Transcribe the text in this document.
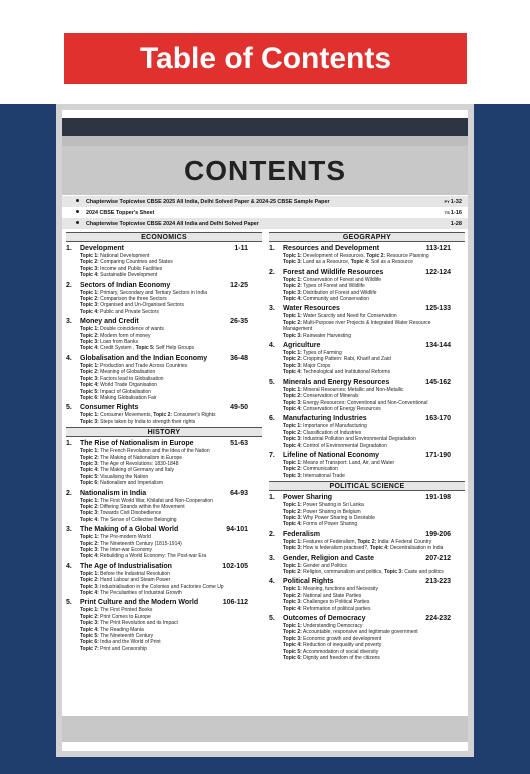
Table of Contents
CONTENTS
Chapterwise Topicwise CBSE 2025 All India, Delhi Solved Paper & 2024-25 CBSE Sample Paper	PY1-32
2024 CBSE Topper's Sheet	TS1-16
Chapterwise Topicwise CBSE 2024 All India and Delhi Solved Paper	1-28
ECONOMICS
1.	Development	1-11
Topic 1: National Development
Topic 2: Comparing Countries and States
Topic 3: Income and Public Facilities
Topic 4: Sustainable Development
2.	Sectors of Indian Economy	12-25
Topic 1: Primary, Secondary and Tertiary Sectors in India
Topic 2: Comparison the three Sectors
Topic 3: Organised and Un-Organised Sectors
Topic 4: Public and Private Sectors
3.	Money and Credit	26-35
Topic 1: Double coincidence of wants
Topic 2: Modern form of money
Topic 3: Loan from Banks
Topic 4: Credit System , Topic 5: Self Help Groups
4.	Globalisation and the Indian Economy	36-48
Topic 1: Production and Trade Across Countries
Topic 2: Meaning of Globalisation
Topic 3: Factors lead to Globalisation
Topic 4: World Trade Organisation
Topic 5: Impact of Globalisation
Topic 6: Making Globalisation Fair
5.	Consumer Rights	49-50
Topic 1: Consumer Movements, Topic 2: Consumer's Rights
Topic 3: Steps taken by India to strength their rights
HISTORY
1.	The Rise of Nationalism in Europe	51-63
Topic 1: The French Revolution and the Idea of the Nation
Topic 2: The Making of Nationalism in Europe
Topic 3: The Age of Revolutions: 1830-1848
Topic 4: The Making of Germany and Italy
Topic 5: Visualising the Nation
Topic 6: Nationalism and Imperialism
2.	Nationalism in India	64-93
Topic 1: The First World War, Khilafat and Non-Cooperation
Topic 2: Differing Strands within the Movement
Topic 3: Towards Civil Disobedience
Topic 4: The Sense of Collective Belonging
3.	The Making of a Global World	94-101
Topic 1: The Pre-modern World
Topic 2: The Nineteenth Century (1815-1914)
Topic 3: The Inter-war Economy
Topic 4: Rebuilding a World Economy: The Post-war Era
4.	The Age of Industrialisation	102-105
Topic 1: Before the Industrial Revolution
Topic 2: Hand Labour and Steam Power
Topic 3: Industrialisation in the Colonies and Factories Come Up
Topic 4: The Peculiarities of Industrial Growth
5.	Print Culture and the Modern World	106-112
Topic 1: The First Printed Books
Topic 2: Print Comes to Europe
Topic 3: The Print Revolution and its Impact
Topic 4: The Reading Mania
Topic 5: The Nineteenth Century
Topic 6: India and the World of Print
Topic 7: Print and Censorship
GEOGRAPHY
1.	Resources and Development	113-121
Topic 1: Development of Resources, Topic 2: Resource Planning
Topic 3: Land as a Resource, Topic 4: Soil as a Resource
2.	Forest and Wildlife Resources	122-124
Topic 1: Conservation of Forest and Wildlife
Topic 2: Types of Forest and Wildlife
Topic 3: Distribution of Forest and Wildlife
Topic 4: Community and Conservation
3.	Water Resources	125-133
Topic 1: Water Scarcity and Need for Conservation
Topic 2: Multi-Purpose river Projects & Integrated Water Resource
Management
Topic 3: Rainwater Harvesting
4.	Agriculture	134-144
Topic 1: Types of Farming
Topic 2: Cropping Pattern: Rabi, Kharif and Zaid
Topic 3: Major Crops
Topic 4: Technological and Institutional Reforms
5.	Minerals and Energy Resources	145-162
Topic 1: Mineral Resources: Metallic and Non-Metallic
Topic 2: Conservation of Minerals
Topic 3: Energy Resources: Conventional and Non-Conventional
Topic 4: Conservation of Energy Resources
6.	Manufacturing Industries	163-170
Topic 1: Importance of Manufacturing
Topic 2: Classification of Industries
Topic 3: Industrial Pollution and Environmental Degradation
Topic 4: Control of Environmental Degradation
7.	Lifeline of National Economy	171-190
Topic 1: Means of Transport: Land, Air, and Water
Topic 2: Communication
Topic 3: International Trade
POLITICAL SCIENCE
1.	Power Sharing	191-198
Topic 1: Power Sharing in Sri Lanka
Topic 2: Power Sharing in Belgium
Topic 3: Why Power Sharing is Desirable
Topic 4: Forms of Power Sharing
2.	Federalism	199-206
Topic 1: Features of Federalism, Topic 2: India: A Federal Country
Topic 3: How is federalism practised?, Topic 4: Decentralisation in India
3.	Gender, Religion and Caste	207-212
Topic 1: Gender and Politics
Topic 2: Religion, communalism and politics, Topic 3: Caste and politics
4.	Political Rights	213-223
Topic 1: Meaning, functions and Necessity
Topic 2: National and State Parties
Topic 3: Challenges to Political Parties
Topic 4: Reformation of political parties
5.	Outcomes of Democracy	224-232
Topic 1: Understanding Democracy
Topic 2: Accountable, responsive and legitimate government
Topic 3: Economic growth and development
Topic 4: Reduction of inequality and poverty
Topic 5: Accommodation of social diversity
Topic 6: Dignity and freedom of the citizens
